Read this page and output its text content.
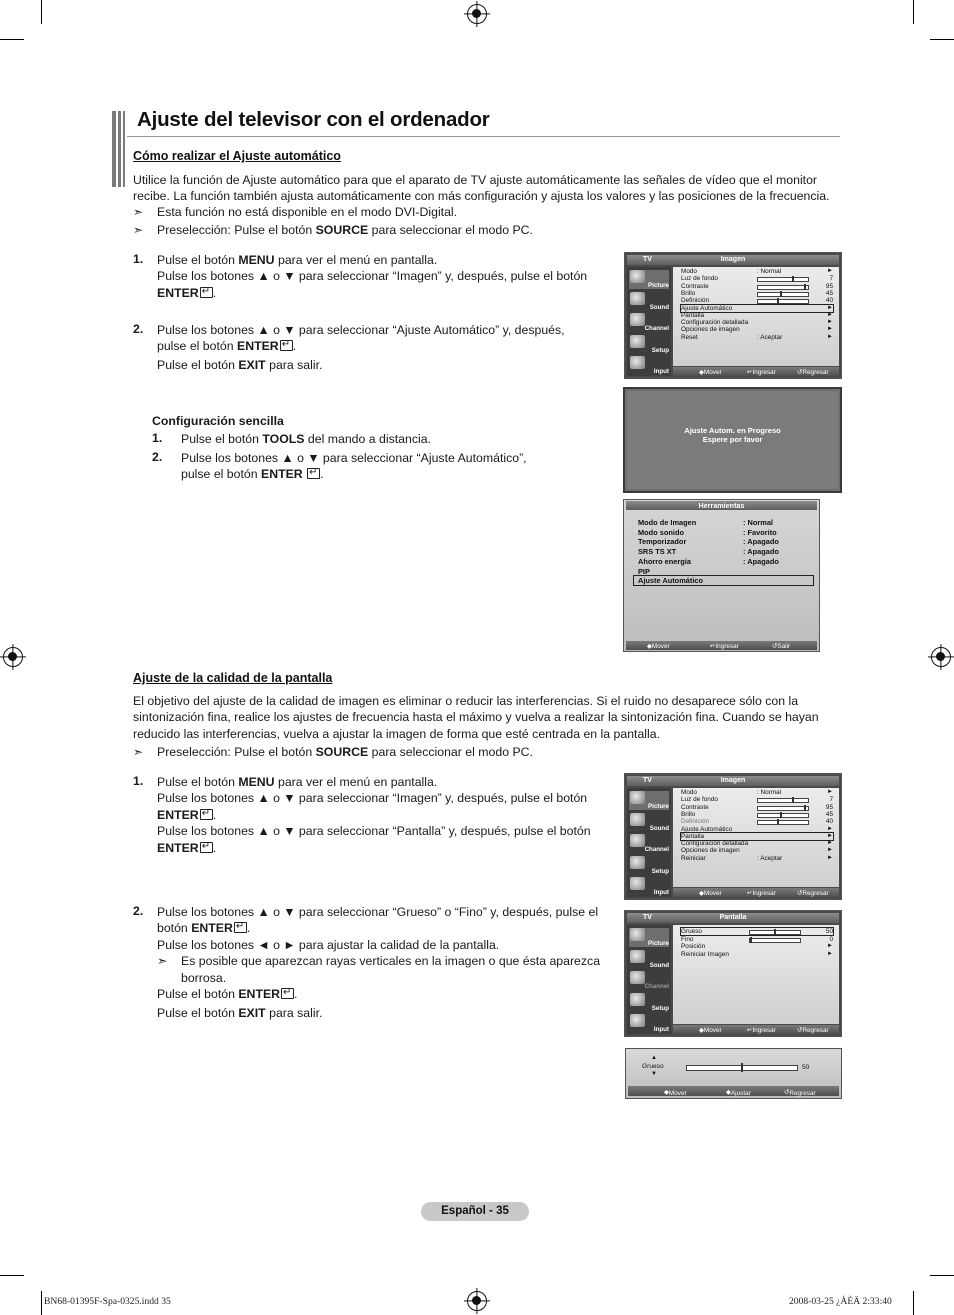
Ajuste del televisor con el ordenador
Cómo realizar el Ajuste automático
Utilice la función de Ajuste automático para que el aparato de TV ajuste automáticamente las señales de vídeo que el monitor
recibe. La función también ajusta automáticamente con más configuración y ajusta los valores y las posiciones de la frecuencia.
➣ Esta función no está disponible en el modo DVI-Digital.
➣ Preselección: Pulse el botón SOURCE para seleccionar el modo PC.
1. Pulse el botón MENU para ver el menú en pantalla.
Pulse los botones ▲ o ▼ para seleccionar “Imagen” y, después, pulse el botón
ENTER ↵ .
2. Pulse los botones ▲ o ▼ para seleccionar “Ajuste Automático” y, después,
pulse el botón ENTER ↵ .
Pulse el botón EXIT para salir.
Configuración sencilla
1. Pulse el botón TOOLS del mando a distancia.
2. Pulse los botones ▲ o ▼ para seleccionar “Ajuste Automático”,
pulse el botón ENTER ↵ .
TV	Imagen
Picture
Sound
Channel
Setup
Input
Modo	: Normal	►
Luz de fondo	7
Contraste	95
Brillo	45
Definición	40
Ajuste Automático	►
Pantalla	►
Configuración detallada	►
Opciones de imagen	►
Reset	: Aceptar	►
◆ Mover	↵ Ingresar	↺ Regresar
Ajuste Autom. en Progreso
Espere por favor
Herramientas
◆ Mover	↵ Ingresar	↺ Salir
Modo de Imagen	: Normal
Modo sonido	: Favorito
Temporizador	: Apagado
SRS TS XT	: Apagado
Ahorro energía	: Apagado
PIP
Ajuste Automático
Ajuste de la calidad de la pantalla
El objetivo del ajuste de la calidad de imagen es eliminar o reducir las interferencias. Si el ruido no desaparece sólo con la
sintonización fina, realice los ajustes de frecuencia hasta el máximo y vuelva a realizar la sintonización fina. Cuando se hayan
reducido las interferencias, vuelva a ajustar la imagen de forma que esté centrada en la pantalla.
➣ Preselección: Pulse el botón SOURCE para seleccionar el modo PC.
1. Pulse el botón MENU para ver el menú en pantalla.
Pulse los botones ▲ o ▼ para seleccionar “Imagen” y, después, pulse el botón
ENTER ↵ .
Pulse los botones ▲ o ▼ para seleccionar “Pantalla” y, después, pulse el botón
ENTER ↵ .
2. Pulse los botones ▲ o ▼ para seleccionar “Grueso” o “Fino” y, después, pulse el
botón ENTER ↵ .
Pulse los botones ◄ o ► para ajustar la calidad de la pantalla.
➣ Es posible que aparezcan rayas verticales en la imagen o que ésta aparezca
borrosa.
Pulse el botón ENTER ↵ .
Pulse el botón EXIT para salir.
TV	Imagen
Picture
Sound
Channel
Setup
Input
Modo	: Normal	►
Luz de fondo	7
Contraste	95
Brillo	45
Definición	40
Ajuste Automático	►
Pantalla	►
Configuración detallada	►
Opciones de imagen	►
Reiniciar	: Aceptar	►
◆ Mover	↵ Ingresar	↺ Regresar
TV	Pantalla
Picture
Sound
Channel
Setup
Input
Grueso	50
Fino	0
Posición	►
Reiniciar Imagen	►
◆ Mover	↵ Ingresar	↺ Regresar
▲
Grueso
▼
50
◆ Mover	◆ Ajustar	↺ Regresar
Español - 35
BN68-01395F-Spa-0325.indd 35	2008-03-25 ¿ÀÈÄ 2:33:40
